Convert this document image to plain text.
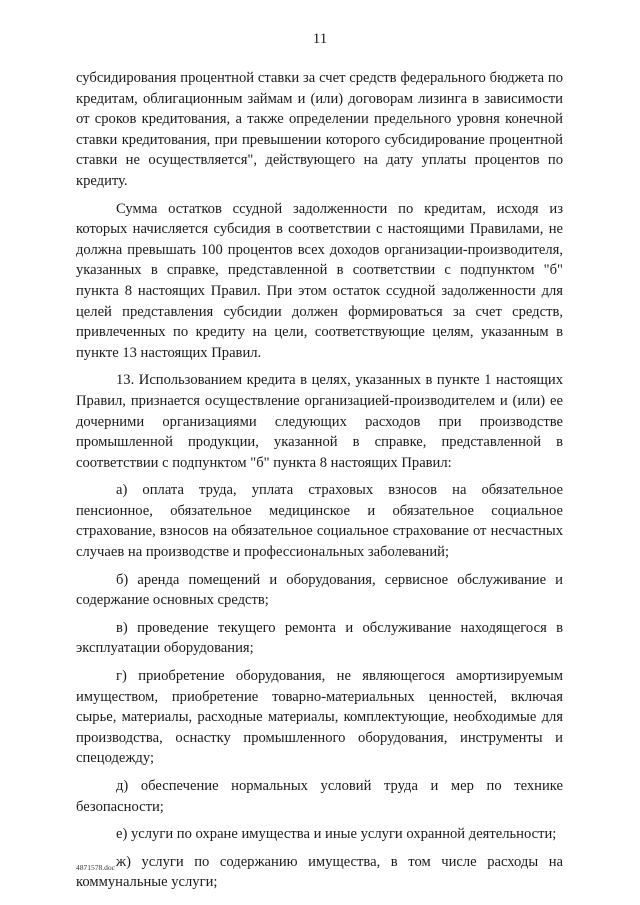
11

субсидирования процентной ставки за счет средств федерального бюджета по кредитам, облигационным займам и (или) договорам лизинга в зависимости от сроков кредитования, а также определении предельного уровня конечной ставки кредитования, при превышении которого субсидирование процентной ставки не осуществляется", действующего на дату уплаты процентов по кредиту.

Сумма остатков ссудной задолженности по кредитам, исходя из которых начисляется субсидия в соответствии с настоящими Правилами, не должна превышать 100 процентов всех доходов организации-производителя, указанных в справке, представленной в соответствии с подпунктом "б" пункта 8 настоящих Правил. При этом остаток ссудной задолженности для целей представления субсидии должен формироваться за счет средств, привлеченных по кредиту на цели, соответствующие целям, указанным в пункте 13 настоящих Правил.

13. Использованием кредита в целях, указанных в пункте 1 настоящих Правил, признается осуществление организацией-производителем и (или) ее дочерними организациями следующих расходов при производстве промышленной продукции, указанной в справке, представленной в соответствии с подпунктом "б" пункта 8 настоящих Правил:

а) оплата труда, уплата страховых взносов на обязательное пенсионное, обязательное медицинское и обязательное социальное страхование, взносов на обязательное социальное страхование от несчастных случаев на производстве и профессиональных заболеваний;

б) аренда помещений и оборудования, сервисное обслуживание и содержание основных средств;

в) проведение текущего ремонта и обслуживание находящегося в эксплуатации оборудования;

г) приобретение оборудования, не являющегося амортизируемым имуществом, приобретение товарно-материальных ценностей, включая сырье, материалы, расходные материалы, комплектующие, необходимые для производства, оснастку промышленного оборудования, инструменты и спецодежду;

д) обеспечение нормальных условий труда и мер по технике безопасности;

е) услуги по охране имущества и иные услуги охранной деятельности;

ж) услуги по содержанию имущества, в том числе расходы на коммунальные услуги;

4871578.doc
